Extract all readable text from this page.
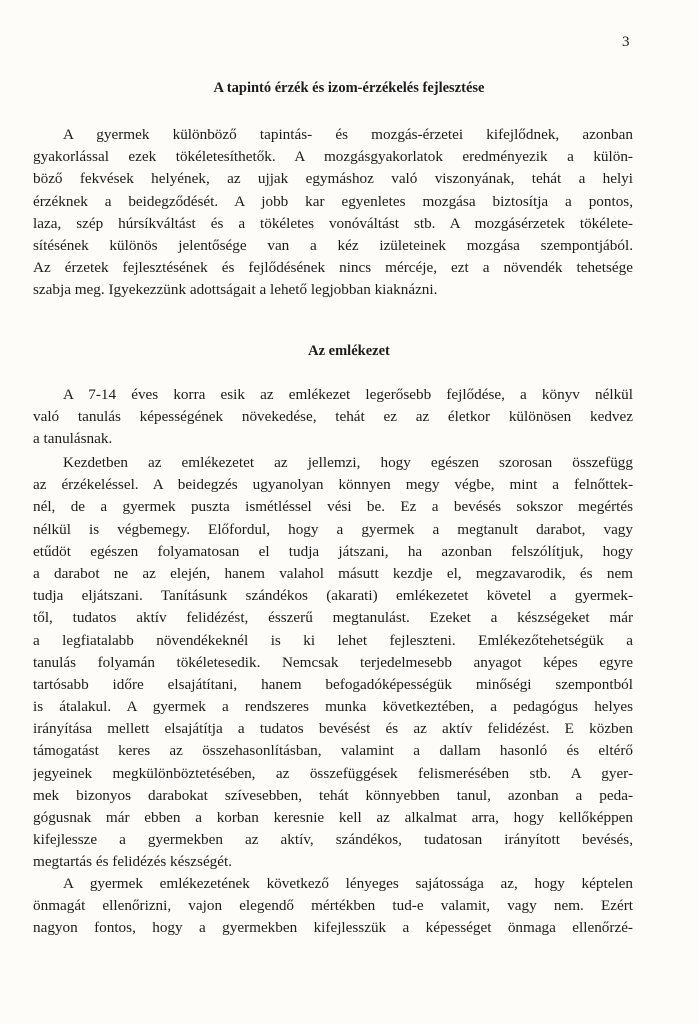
3
A tapintó érzék és izom-érzékelés fejlesztése
A gyermek különböző tapintás- és mozgás-érzetei kifejlődnek, azonban
gyakorlással ezek tökéletesíthetők. A mozgásgyakorlatok eredményezik a külön-
böző fekvések helyének, az ujjak egymáshoz való viszonyának, tehát a helyi
érzéknek a beidegződését. A jobb kar egyenletes mozgása biztosítja a pontos,
laza, szép húrsíkváltást és a tökéletes vonóváltást stb. A mozgásérzetek tökélete-
sítésének különös jelentősége van a kéz izületeinek mozgása szempontjából.
Az érzetek fejlesztésének és fejlődésének nincs mércéje, ezt a növendék tehetsége
szabja meg. Igyekezzünk adottságait a lehető legjobban kiaknázni.
Az emlékezet
A 7-14 éves korra esik az emlékezet legerősebb fejlődése, a könyv nélkül
való tanulás képességének növekedése, tehát ez az életkor különösen kedvez
a tanulásnak.
Kezdetben az emlékezetet az jellemzi, hogy egészen szorosan összefügg
az érzékeléssel. A beidegzés ugyanolyan könnyen megy végbe, mint a felnőttek-
nél, de a gyermek puszta ismétléssel vési be. Ez a bevésés sokszor megértés
nélkül is végbemegy. Előfordul, hogy a gyermek a megtanult darabot, vagy
etűdöt egészen folyamatosan el tudja játszani, ha azonban felszólítjuk, hogy
a darabot ne az elején, hanem valahol másutt kezdje el, megzavarodik, és nem
tudja eljátszani. Tanításunk szándékos (akarati) emlékezetet követel a gyermek-
től, tudatos aktív felidézést, ésszerű megtanulást. Ezeket a készségeket már
a legfiatalabb növendékeknél is ki lehet fejleszteni. Emlékezőtehetségük a
tanulás folyamán tökéletesedik. Nemcsak terjedelmesebb anyagot képes egyre
tartósabb időre elsajátítani, hanem befogadóképességük minőségi szempontból
is átalakul. A gyermek a rendszeres munka következtében, a pedagógus helyes
irányítása mellett elsajátítja a tudatos bevésést és az aktív felidézést. E közben
támogatást keres az összehasonlításban, valamint a dallam hasonló és eltérő
jegyeinek megkülönböztetésében, az összefüggések felismerésében stb. A gyer-
mek bizonyos darabokat szívesebben, tehát könnyebben tanul, azonban a peda-
gógusnak már ebben a korban keresnie kell az alkalmat arra, hogy kellőképpen
kifejlessze a gyermekben az aktív, szándékos, tudatosan irányított bevésés,
megtartás és felidézés készségét.
A gyermek emlékezetének következő lényeges sajátossága az, hogy képtelen
önmagát ellenőrizni, vajon elegendő mértékben tud-e valamit, vagy nem. Ezért
nagyon fontos, hogy a gyermekben kifejlesszük a képességet önmaga ellenőrzé-
